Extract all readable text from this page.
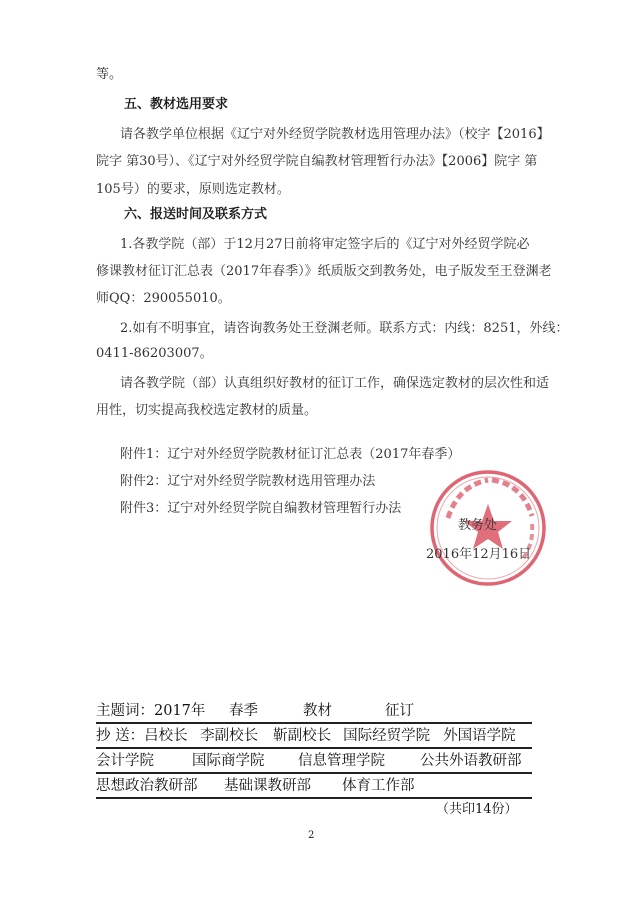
等。
五、教材选用要求
请各教学单位根据《辽宁对外经贸学院教材选用管理办法》（校字【2016】
院字 第30号）、《辽宁对外经贸学院自编教材管理暂行办法》【2006】院字 第
105号）的要求，原则选定教材。
六、报送时间及联系方式
1.各教学院（部）于12月27日前将审定签字后的《辽宁对外经贸学院必
修课教材征订汇总表（2017年春季）》纸质版交到教务处，电子版发至王登渊老
师QQ：290055010。
2.如有不明事宜，请咨询教务处王登渊老师。联系方式：内线：8251，外线：
0411-86203007。
请各教学院（部）认真组织好教材的征订工作，确保选定教材的层次性和适
用性，切实提高我校选定教材的质量。
附件1：辽宁对外经贸学院教材征订汇总表（2017年春季）
附件2：辽宁对外经贸学院教材选用管理办法
附件3：辽宁对外经贸学院自编教材管理暂行办法
教务处
2016年12月16日
主题词：2017年 春季	教材	征订
抄 送：吕校长 李副校长 靳副校长 国际经贸学院 外国语学院
会计学院	国际商学院 信息管理学院 公共外语教研部
思想政治教研部 基础课教研部 体育工作部
（共印14份）
2
